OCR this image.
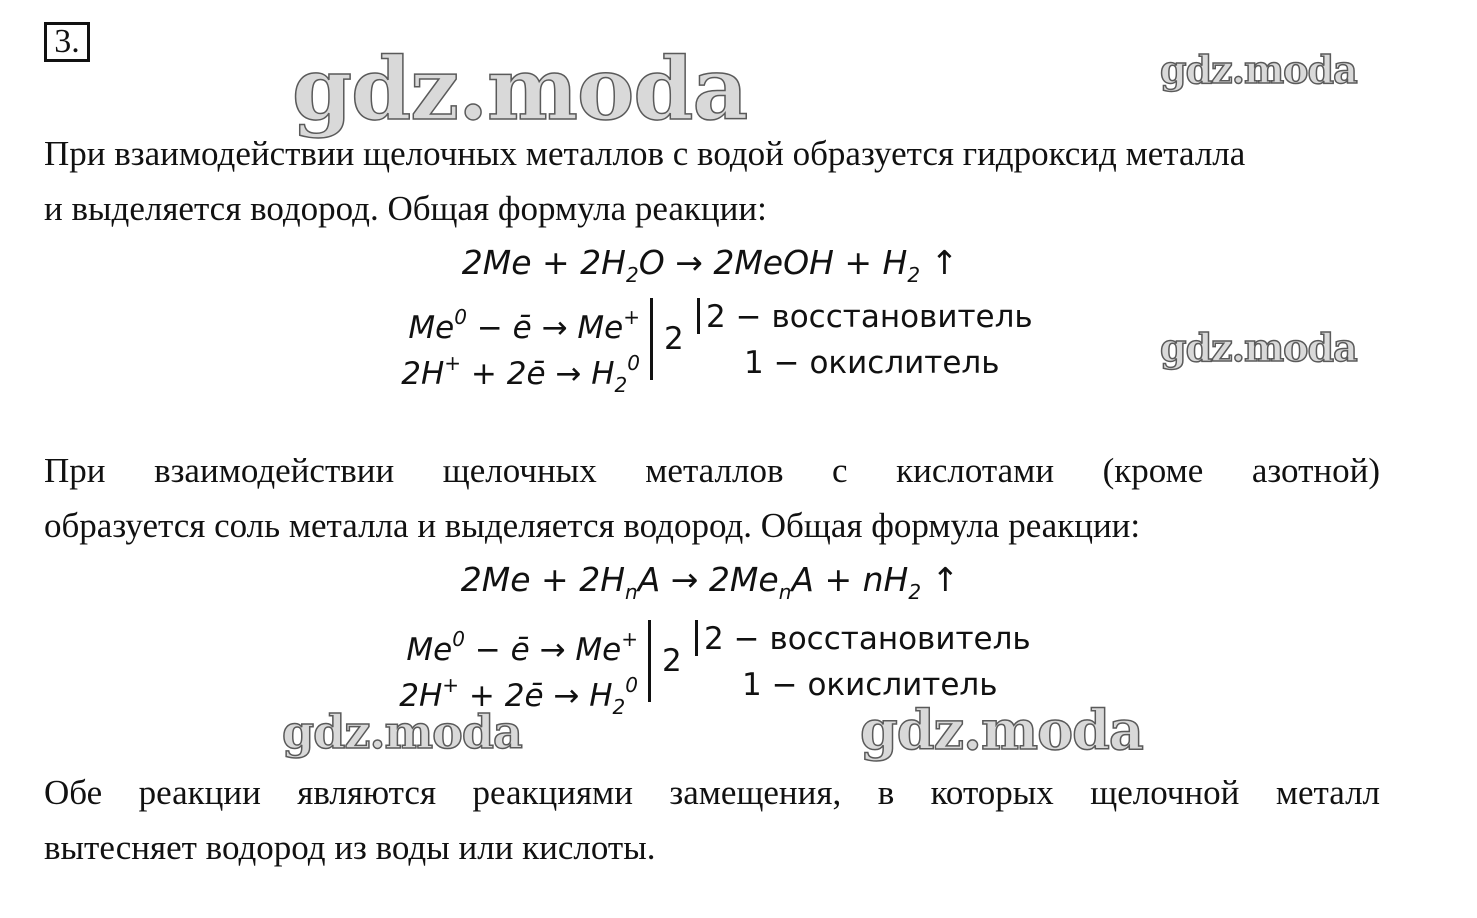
3. gdz.moda	gdz.moda
gdz.moda
gdz.moda	gdz.moda

При взаимодействии щелочных металлов с водой образуется гидроксид металла
и выделяется водород. Общая формула реакции:

$2Me + 2H_2O$ → 2MeOH + $H_2$ ↑
$Me^0$ − ē → Me+
2H+ + 2ē → $H_2^0$
2
2 − восстановитель
1 − окислитель

При взаимодействии щелочных металлов с кислотами (кроме азотной)
образуется соль металла и выделяется водород. Общая формула реакции:

$2Me + 2H_nA \to 2Me_nA + nH_2$ ↑
$Me^0$ − ē → Me+
2H+ + 2ē → $H_2^0$
2
2 − восстановитель
1 − окислитель

Обе реакции являются реакциями замещения, в которых щелочной металл
вытесняет водород из воды или кислоты.
